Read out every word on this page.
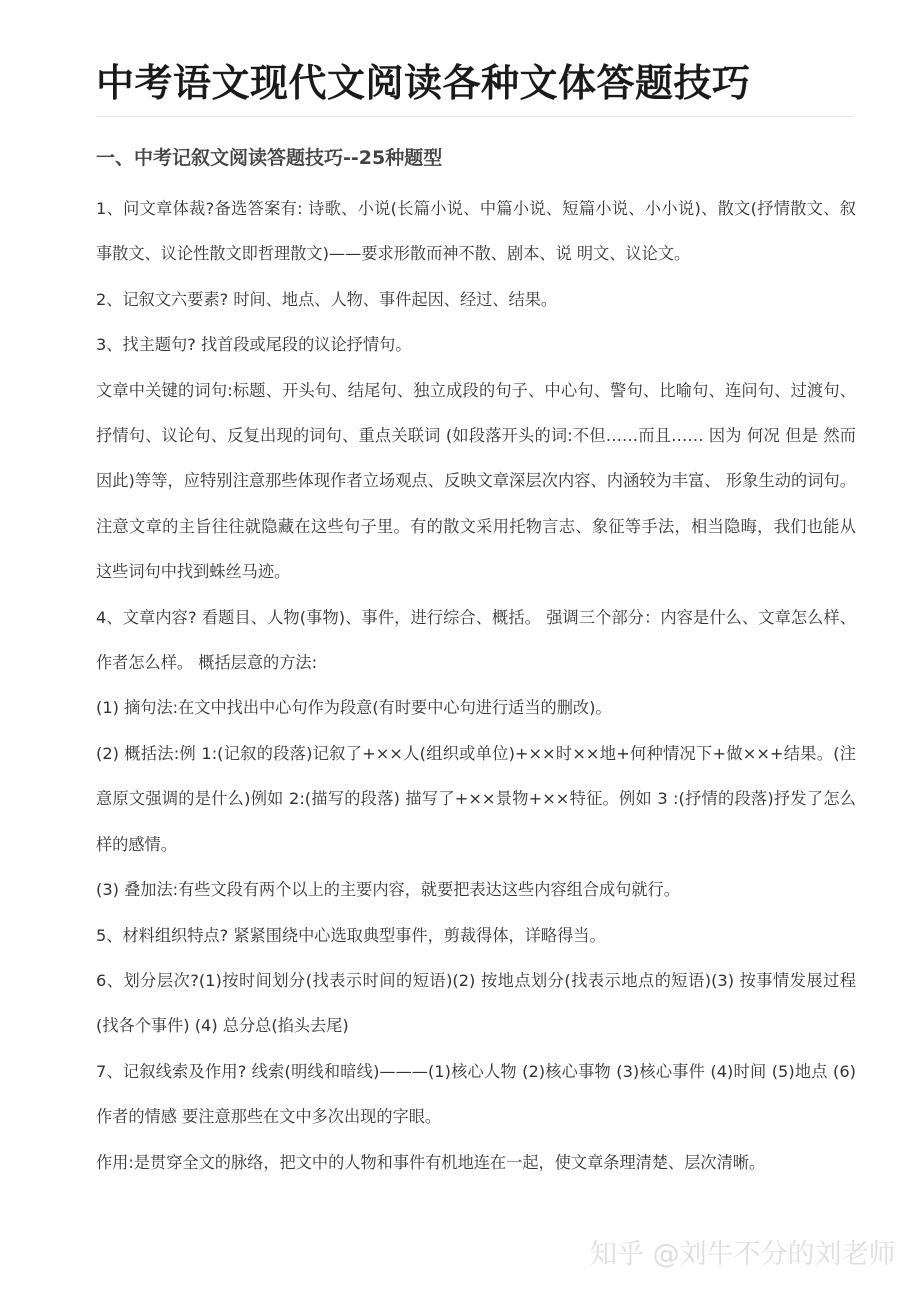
中考语文现代文阅读各种文体答题技巧
一、中考记叙文阅读答题技巧--25种题型

1、问文章体裁?备选答案有: 诗歌、小说(长篇小说、中篇小说、短篇小说、小小说)、散文(抒情散文、叙事散文、议论性散文即哲理散文)——要求形散而神不散、剧本、说 明文、议论文。

2、记叙文六要素? 时间、地点、人物、事件起因、经过、结果。

3、找主题句? 找首段或尾段的议论抒情句。

文章中关键的词句:标题、开头句、结尾句、独立成段的句子、中心句、警句、比喻句、连问句、过渡句、抒情句、议论句、反复出现的词句、重点关联词 (如段落开头的词:不但……而且…… 因为 何况 但是 然而 因此)等等，应特别注意那些体现作者立场观点、反映文章深层次内容、内涵较为丰富、 形象生动的词句。注意文章的主旨往往就隐藏在这些句子里。有的散文采用托物言志、象征等手法，相当隐晦，我们也能从这些词句中找到蛛丝马迹。

4、文章内容? 看题目、人物(事物)、事件，进行综合、概括。 强调三个部分：内容是什么、文章怎么样、作者怎么样。 概括层意的方法:

(1) 摘句法:在文中找出中心句作为段意(有时要中心句进行适当的删改)。

(2) 概括法:例 1:(记叙的段落)记叙了+××人(组织或单位)+××时××地+何种情况下+做××+结果。(注意原文强调的是什么)例如 2:(描写的段落) 描写了+××景物+××特征。例如 3 :(抒情的段落)抒发了怎么样的感情。

(3) 叠加法:有些文段有两个以上的主要内容，就要把表达这些内容组合成句就行。

5、材料组织特点? 紧紧围绕中心选取典型事件，剪裁得体，详略得当。

6、划分层次?(1)按时间划分(找表示时间的短语)(2) 按地点划分(找表示地点的短语)(3) 按事情发展过程(找各个事件) (4) 总分总(掐头去尾)

7、记叙线索及作用? 线索(明线和暗线)———(1)核心人物 (2)核心事物 (3)核心事件 (4)时间 (5)地点 (6)作者的情感 要注意那些在文中多次出现的字眼。

作用:是贯穿全文的脉络，把文中的人物和事件有机地连在一起，使文章条理清楚、层次清晰。

知乎 @刘牛不分的刘老师
